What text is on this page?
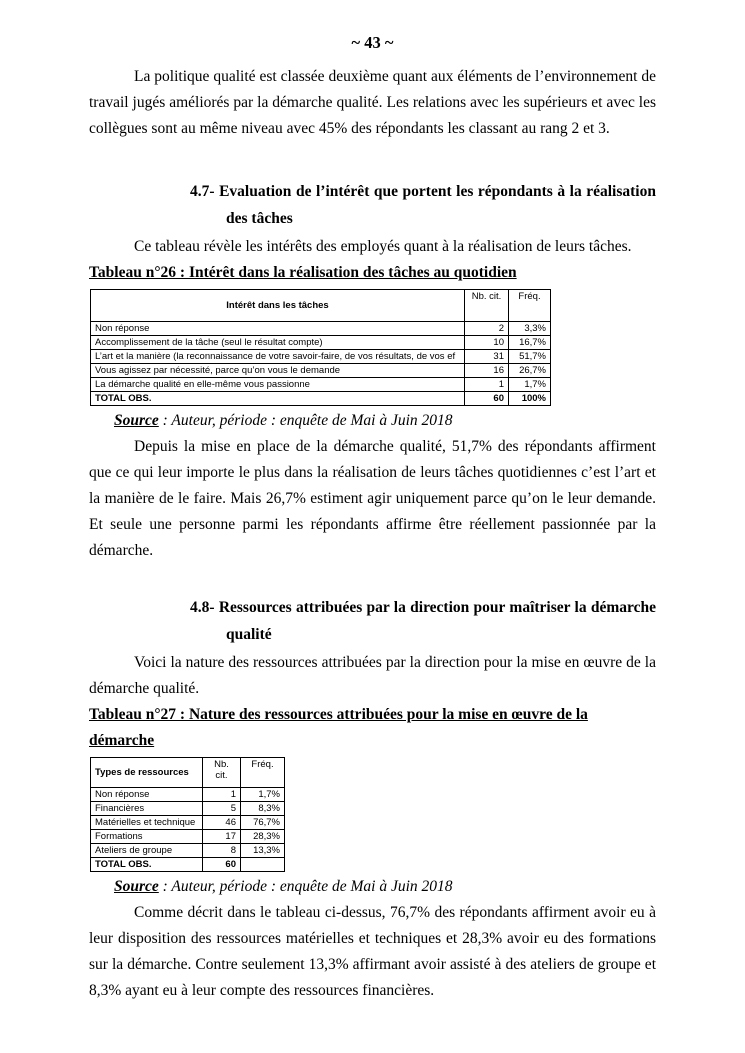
~ 43 ~

La politique qualité est classée deuxième quant aux éléments de l’environnement de travail jugés améliorés par la démarche qualité. Les relations avec les supérieurs et avec les collègues sont au même niveau avec 45% des répondants les classant au rang 2 et 3.

4.7- Evaluation de l’intérêt que portent les répondants à la réalisation des tâches

Ce tableau révèle les intérêts des employés quant à la réalisation de leurs tâches.

Tableau n°26 : Intérêt dans la réalisation des tâches au quotidien

Intérêt dans les tâches	Nb. cit.	Fréq.
Non réponse	2	3,3%
Accomplissement de la tâche (seul le résultat compte)	10	16,7%
L’art et la manière (la reconnaissance de votre savoir-faire, de vos résultats, de vos ef	31	51,7%
Vous agissez par nécessité, parce qu’on vous le demande	16	26,7%
La démarche qualité en elle-même vous passionne	1	1,7%
TOTAL OBS.	60	100%

Source : Auteur, période : enquête de Mai à Juin 2018

Depuis la mise en place de la démarche qualité, 51,7% des répondants affirment que ce qui leur importe le plus dans la réalisation de leurs tâches quotidiennes c’est l’art et la manière de le faire. Mais 26,7% estiment agir uniquement parce qu’on le leur demande. Et seule une personne parmi les répondants affirme être réellement passionnée par la démarche.

4.8- Ressources attribuées par la direction pour maîtriser la démarche qualité

Voici la nature des ressources attribuées par la direction pour la mise en œuvre de la démarche qualité.

Tableau n°27 : Nature des ressources attribuées pour la mise en œuvre de la démarche

Types de ressources	Nb. cit.	Fréq.
Non réponse	1	1,7%
Financières	5	8,3%
Matérielles et technique	46	76,7%
Formations	17	28,3%
Ateliers de groupe	8	13,3%
TOTAL OBS.	60	

Source : Auteur, période : enquête de Mai à Juin 2018

Comme décrit dans le tableau ci-dessus, 76,7% des répondants affirment avoir eu à leur disposition des ressources matérielles et techniques et 28,3% avoir eu des formations sur la démarche. Contre seulement 13,3% affirmant avoir assisté à des ateliers de groupe et 8,3% ayant eu à leur compte des ressources financières.
